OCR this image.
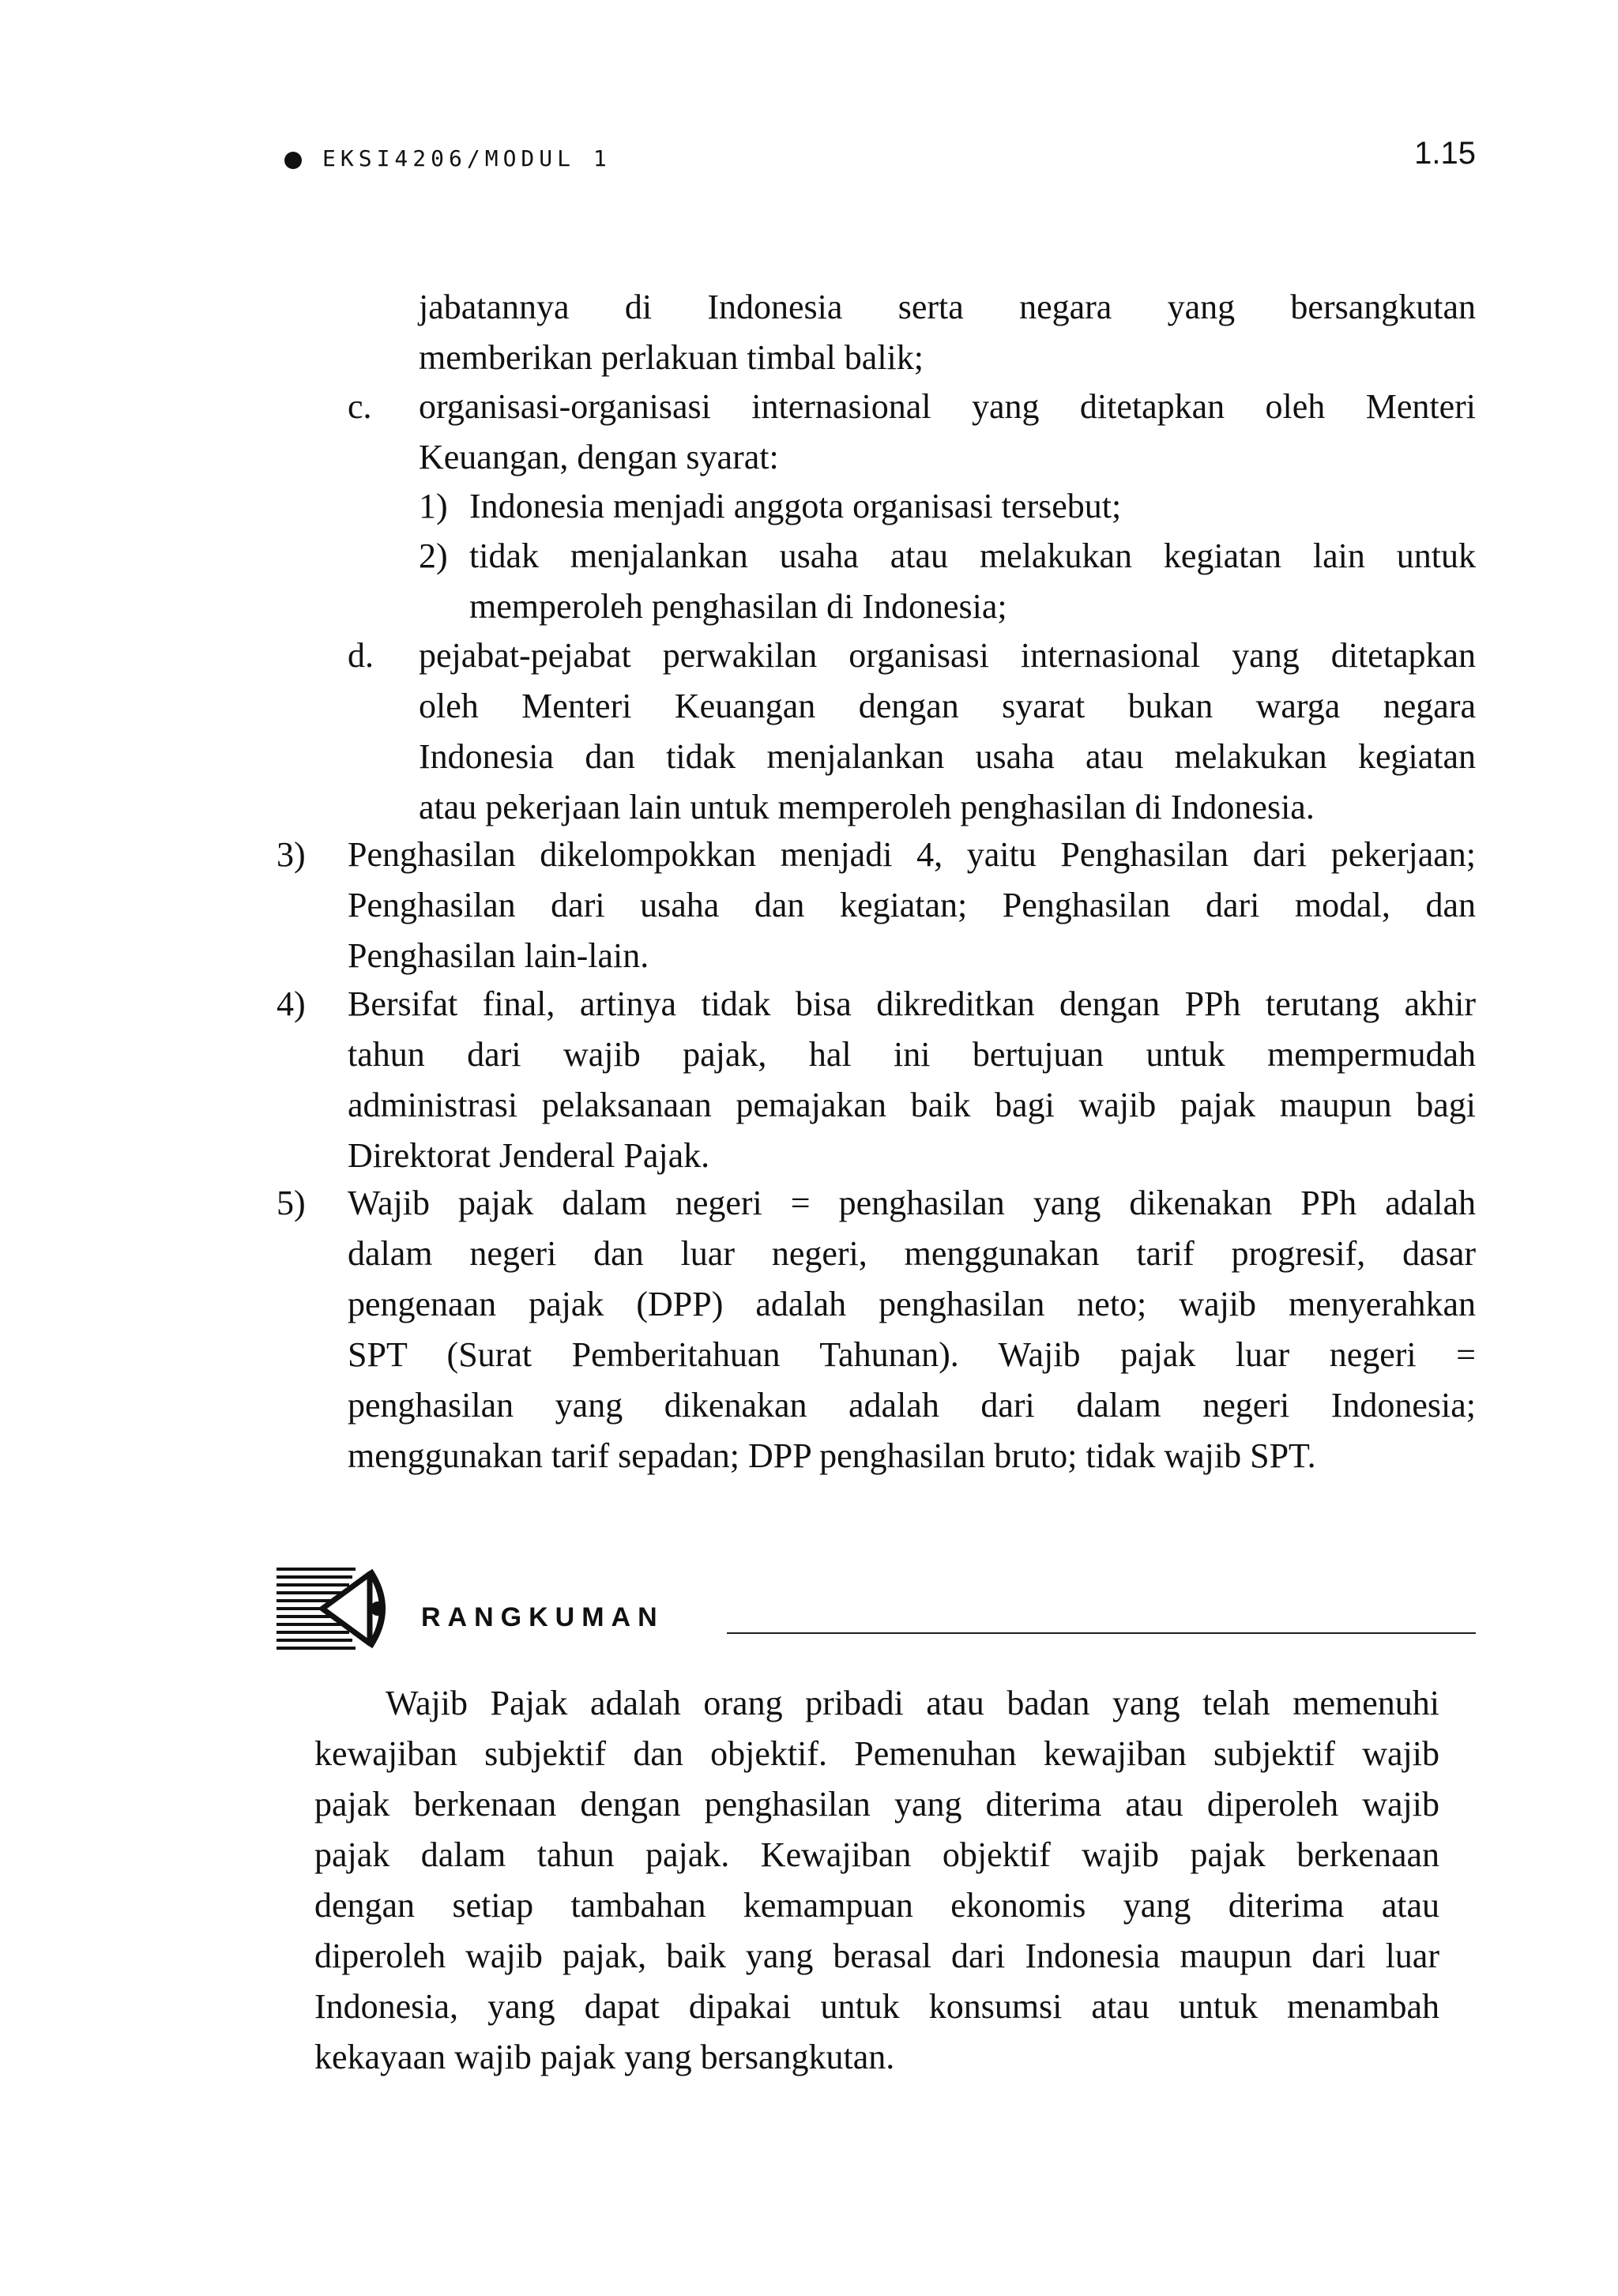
EKSI4206/MODUL 1	1.15
jabatannya di Indonesia serta negara yang bersangkutan
memberikan perlakuan timbal balik;
c. organisasi-organisasi internasional yang ditetapkan oleh Menteri
Keuangan, dengan syarat:
1) Indonesia menjadi anggota organisasi tersebut;
2) tidak menjalankan usaha atau melakukan kegiatan lain untuk
memperoleh penghasilan di Indonesia;
d. pejabat-pejabat perwakilan organisasi internasional yang ditetapkan
oleh Menteri Keuangan dengan syarat bukan warga negara
Indonesia dan tidak menjalankan usaha atau melakukan kegiatan
atau pekerjaan lain untuk memperoleh penghasilan di Indonesia.
3) Penghasilan dikelompokkan menjadi 4, yaitu Penghasilan dari pekerjaan;
Penghasilan dari usaha dan kegiatan; Penghasilan dari modal, dan
Penghasilan lain-lain.
4) Bersifat final, artinya tidak bisa dikreditkan dengan PPh terutang akhir
tahun dari wajib pajak, hal ini bertujuan untuk mempermudah
administrasi pelaksanaan pemajakan baik bagi wajib pajak maupun bagi
Direktorat Jenderal Pajak.
5) Wajib pajak dalam negeri = penghasilan yang dikenakan PPh adalah
dalam negeri dan luar negeri, menggunakan tarif progresif, dasar
pengenaan pajak (DPP) adalah penghasilan neto; wajib menyerahkan
SPT (Surat Pemberitahuan Tahunan). Wajib pajak luar negeri =
penghasilan yang dikenakan adalah dari dalam negeri Indonesia;
menggunakan tarif sepadan; DPP penghasilan bruto; tidak wajib SPT.
RANGKUMAN
Wajib Pajak adalah orang pribadi atau badan yang telah memenuhi
kewajiban subjektif dan objektif. Pemenuhan kewajiban subjektif wajib
pajak berkenaan dengan penghasilan yang diterima atau diperoleh wajib
pajak dalam tahun pajak. Kewajiban objektif wajib pajak berkenaan
dengan setiap tambahan kemampuan ekonomis yang diterima atau
diperoleh wajib pajak, baik yang berasal dari Indonesia maupun dari luar
Indonesia, yang dapat dipakai untuk konsumsi atau untuk menambah
kekayaan wajib pajak yang bersangkutan.
